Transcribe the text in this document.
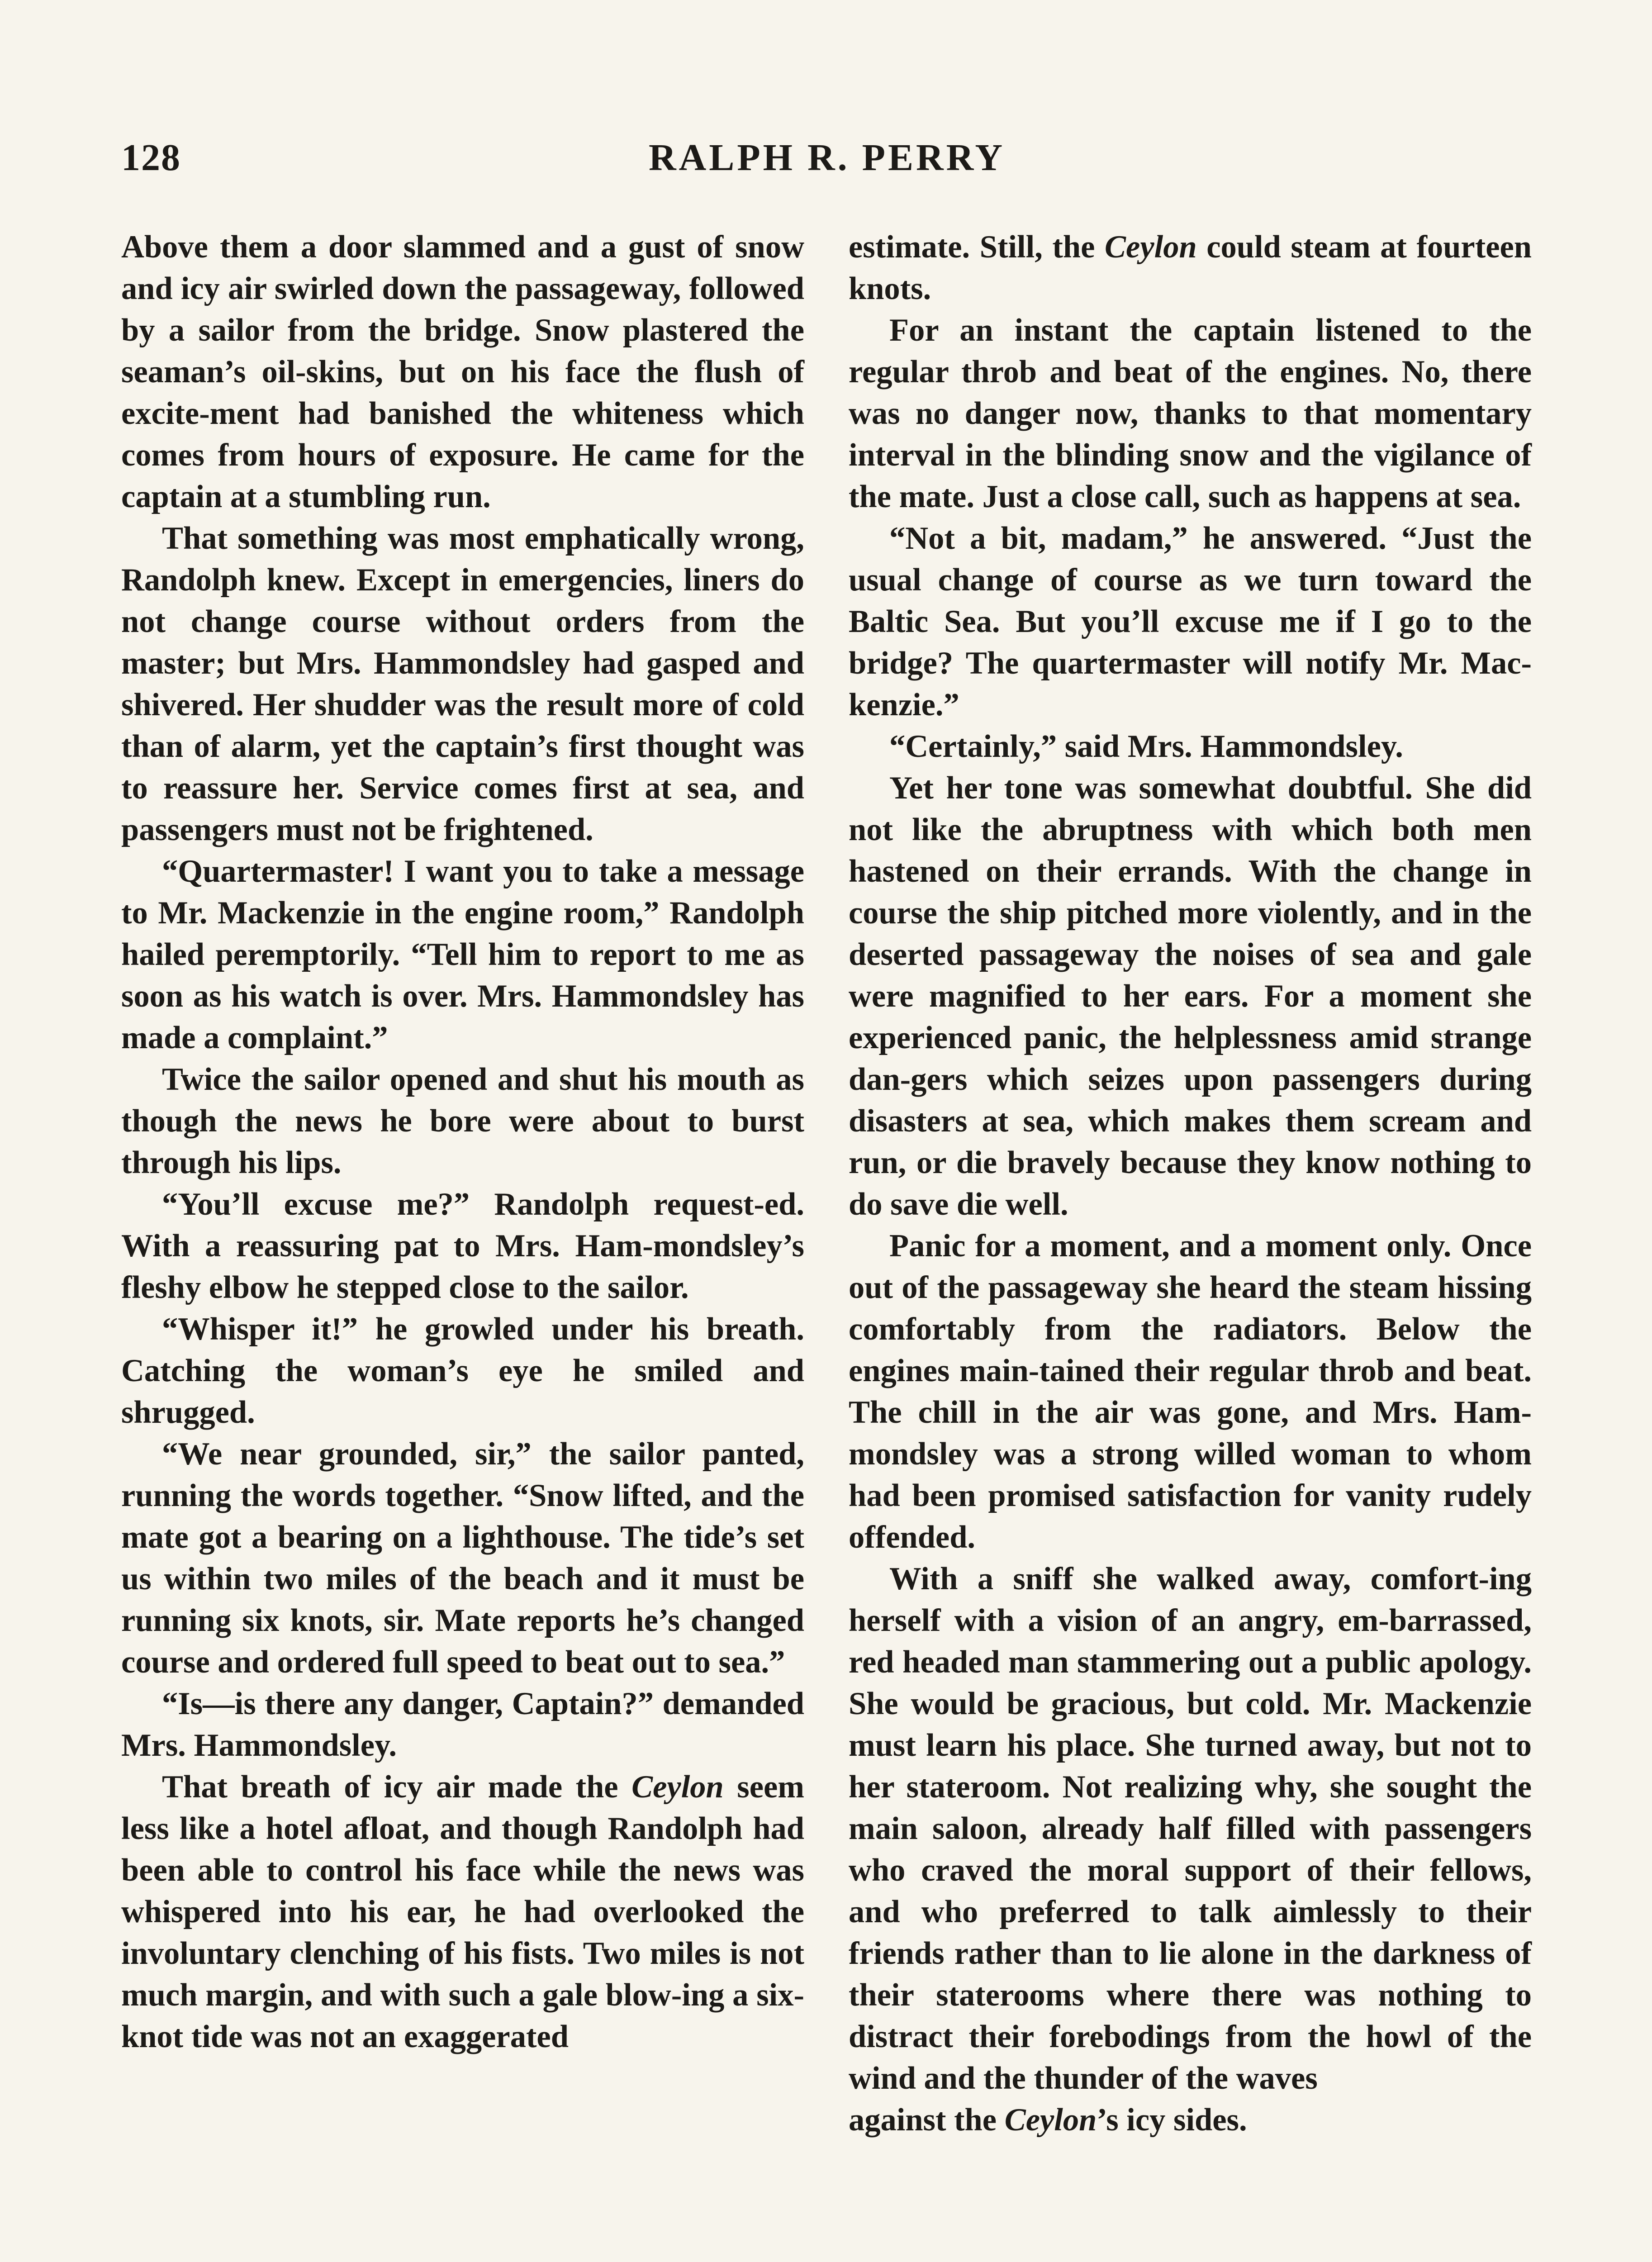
128	RALPH R. PERRY

Above them a door slammed and a gust of snow and icy air swirled down the passageway, followed by a sailor from the bridge. Snow plastered the seaman’s oil-skins, but on his face the flush of excite-ment had banished the whiteness which comes from hours of exposure. He came for the captain at a stumbling run.

That something was most emphatically wrong, Randolph knew. Except in emergencies, liners do not change course without orders from the master; but Mrs. Hammondsley had gasped and shivered. Her shudder was the result more of cold than of alarm, yet the captain’s first thought was to reassure her. Service comes first at sea, and passengers must not be frightened.

“Quartermaster! I want you to take a message to Mr. Mackenzie in the engine room,” Randolph hailed peremptorily. “Tell him to report to me as soon as his watch is over. Mrs. Hammondsley has made a complaint.”

Twice the sailor opened and shut his mouth as though the news he bore were about to burst through his lips.

“You’ll excuse me?” Randolph request-ed. With a reassuring pat to Mrs. Ham-mondsley’s fleshy elbow he stepped close to the sailor.

“Whisper it!” he growled under his breath. Catching the woman’s eye he smiled and shrugged.

“We near grounded, sir,” the sailor panted, running the words together. “Snow lifted, and the mate got a bearing on a lighthouse. The tide’s set us within two miles of the beach and it must be running six knots, sir. Mate reports he’s changed course and ordered full speed to beat out to sea.”

“Is—is there any danger, Captain?” demanded Mrs. Hammondsley.

That breath of icy air made the Ceylon seem less like a hotel afloat, and though Randolph had been able to control his face while the news was whispered into his ear, he had overlooked the involuntary clenching of his fists. Two miles is not much margin, and with such a gale blow-ing a six-knot tide was not an exaggerated

estimate. Still, the Ceylon could steam at fourteen knots.

For an instant the captain listened to the regular throb and beat of the engines. No, there was no danger now, thanks to that momentary interval in the blinding snow and the vigilance of the mate. Just a close call, such as happens at sea.

“Not a bit, madam,” he answered. “Just the usual change of course as we turn toward the Baltic Sea. But you’ll excuse me if I go to the bridge? The quartermaster will notify Mr. Mac-kenzie.”

“Certainly,” said Mrs. Hammondsley.

Yet her tone was somewhat doubtful. She did not like the abruptness with which both men hastened on their errands. With the change in course the ship pitched more violently, and in the deserted passageway the noises of sea and gale were magnified to her ears. For a moment she experienced panic, the helplessness amid strange dan-gers which seizes upon passengers during disasters at sea, which makes them scream and run, or die bravely because they know nothing to do save die well.

Panic for a moment, and a moment only. Once out of the passageway she heard the steam hissing comfortably from the radiators. Below the engines main-tained their regular throb and beat. The chill in the air was gone, and Mrs. Ham-mondsley was a strong willed woman to whom had been promised satisfaction for vanity rudely offended.

With a sniff she walked away, comfort-ing herself with a vision of an angry, em-barrassed, red headed man stammering out a public apology. She would be gracious, but cold. Mr. Mackenzie must learn his place. She turned away, but not to her stateroom. Not realizing why, she sought the main saloon, already half filled with passengers who craved the moral support of their fellows, and who preferred to talk aimlessly to their friends rather than to lie alone in the darkness of their staterooms where there was nothing to distract their forebodings from the howl of the wind and the thunder of the waves

against the Ceylon’s icy sides.
